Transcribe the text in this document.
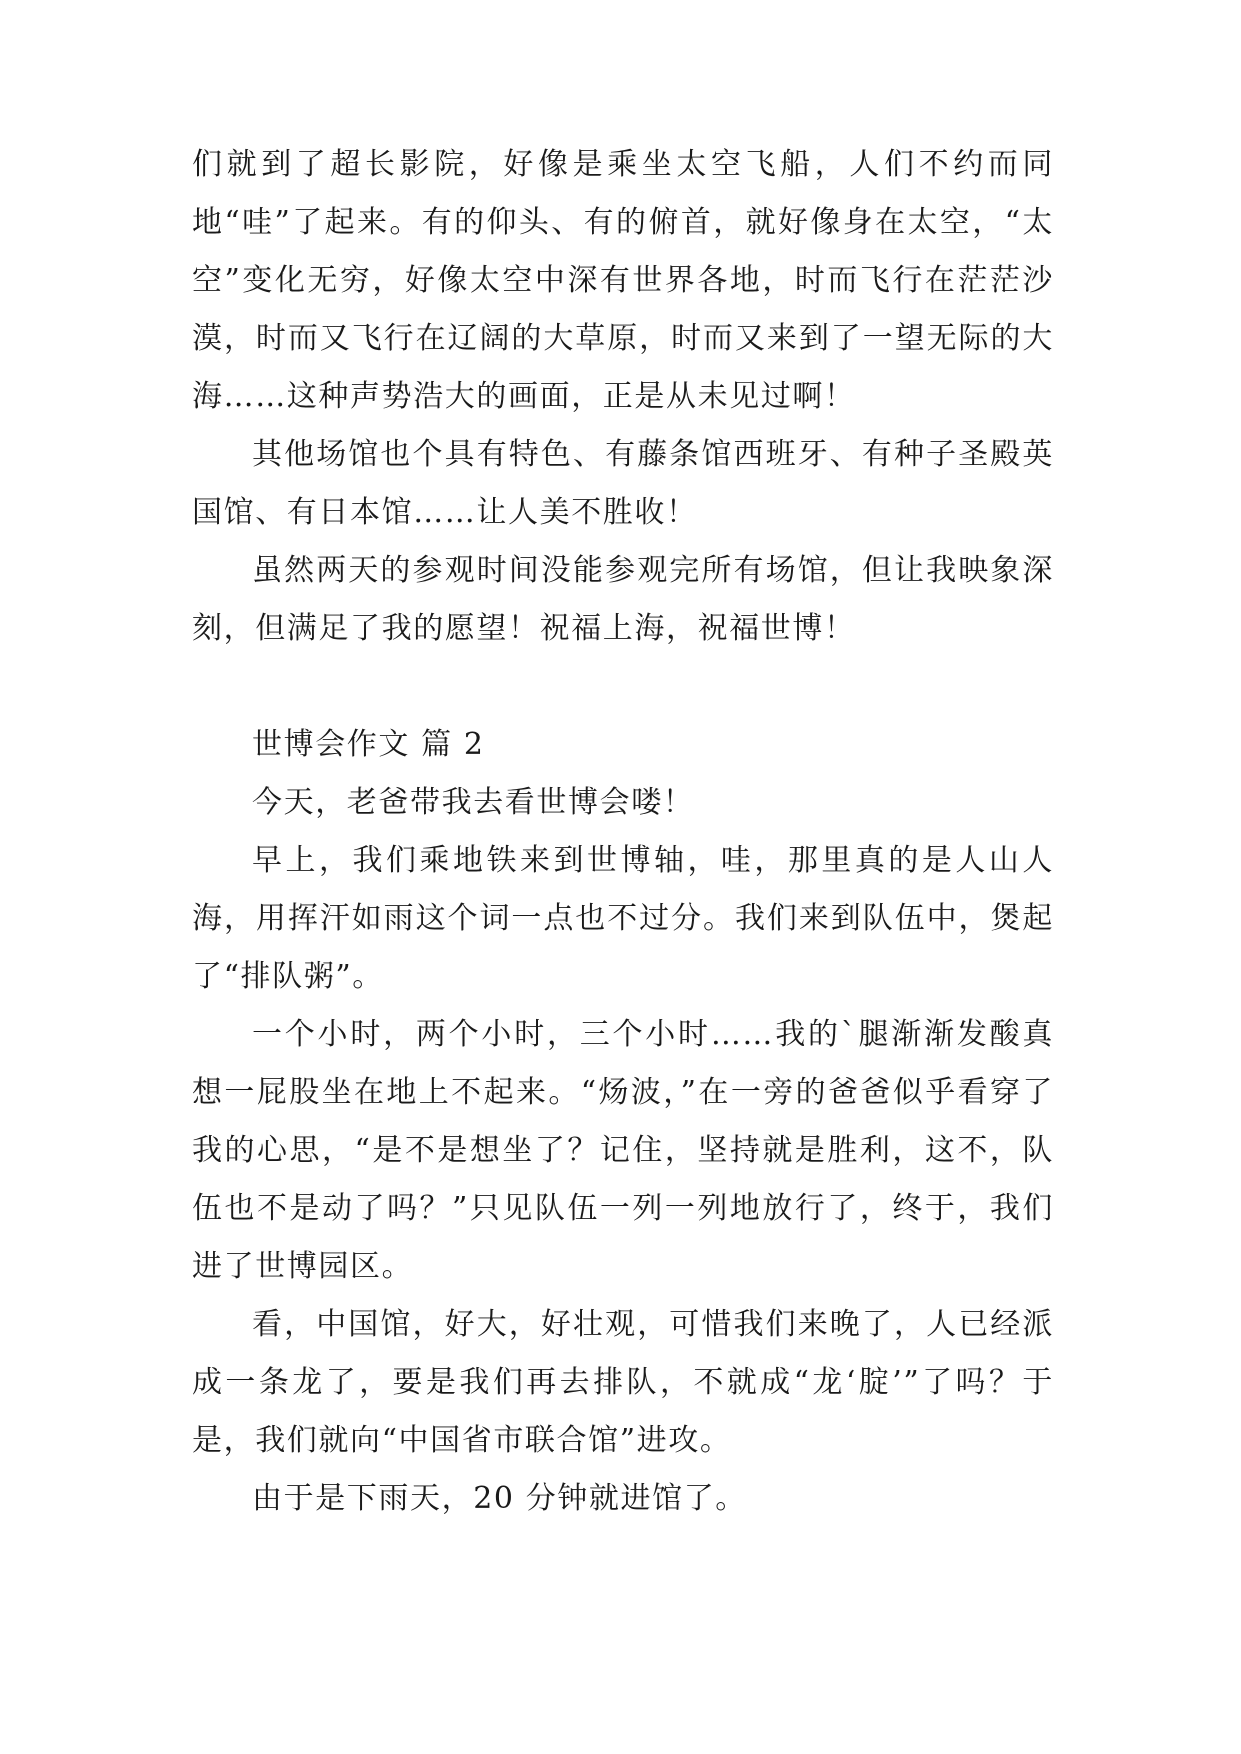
们就到了超长影院，好像是乘坐太空飞船，人们不约而同地“哇”了起来。有的仰头、有的俯首，就好像身在太空，“太空”变化无穷，好像太空中深有世界各地，时而飞行在茫茫沙漠，时而又飞行在辽阔的大草原，时而又来到了一望无际的大海……这种声势浩大的画面，正是从未见过啊！

其他场馆也个具有特色、有藤条馆西班牙、有种子圣殿英国馆、有日本馆……让人美不胜收！

虽然两天的参观时间没能参观完所有场馆，但让我映象深刻，但满足了我的愿望！祝福上海，祝福世博！

世博会作文 篇 2

今天，老爸带我去看世博会喽！

早上，我们乘地铁来到世博轴，哇，那里真的是人山人海，用挥汗如雨这个词一点也不过分。我们来到队伍中，煲起了“排队粥”。

一个小时，两个小时，三个小时……我的`腿渐渐发酸真想一屁股坐在地上不起来。“炀波，”在一旁的爸爸似乎看穿了我的心思，“是不是想坐了？记住，坚持就是胜利，这不，队伍也不是动了吗？”只见队伍一列一列地放行了，终于，我们进了世博园区。

看，中国馆，好大，好壮观，可惜我们来晚了，人已经派成一条龙了，要是我们再去排队，不就成“龙‘腚’”了吗？于是，我们就向“中国省市联合馆”进攻。

由于是下雨天，20 分钟就进馆了。
